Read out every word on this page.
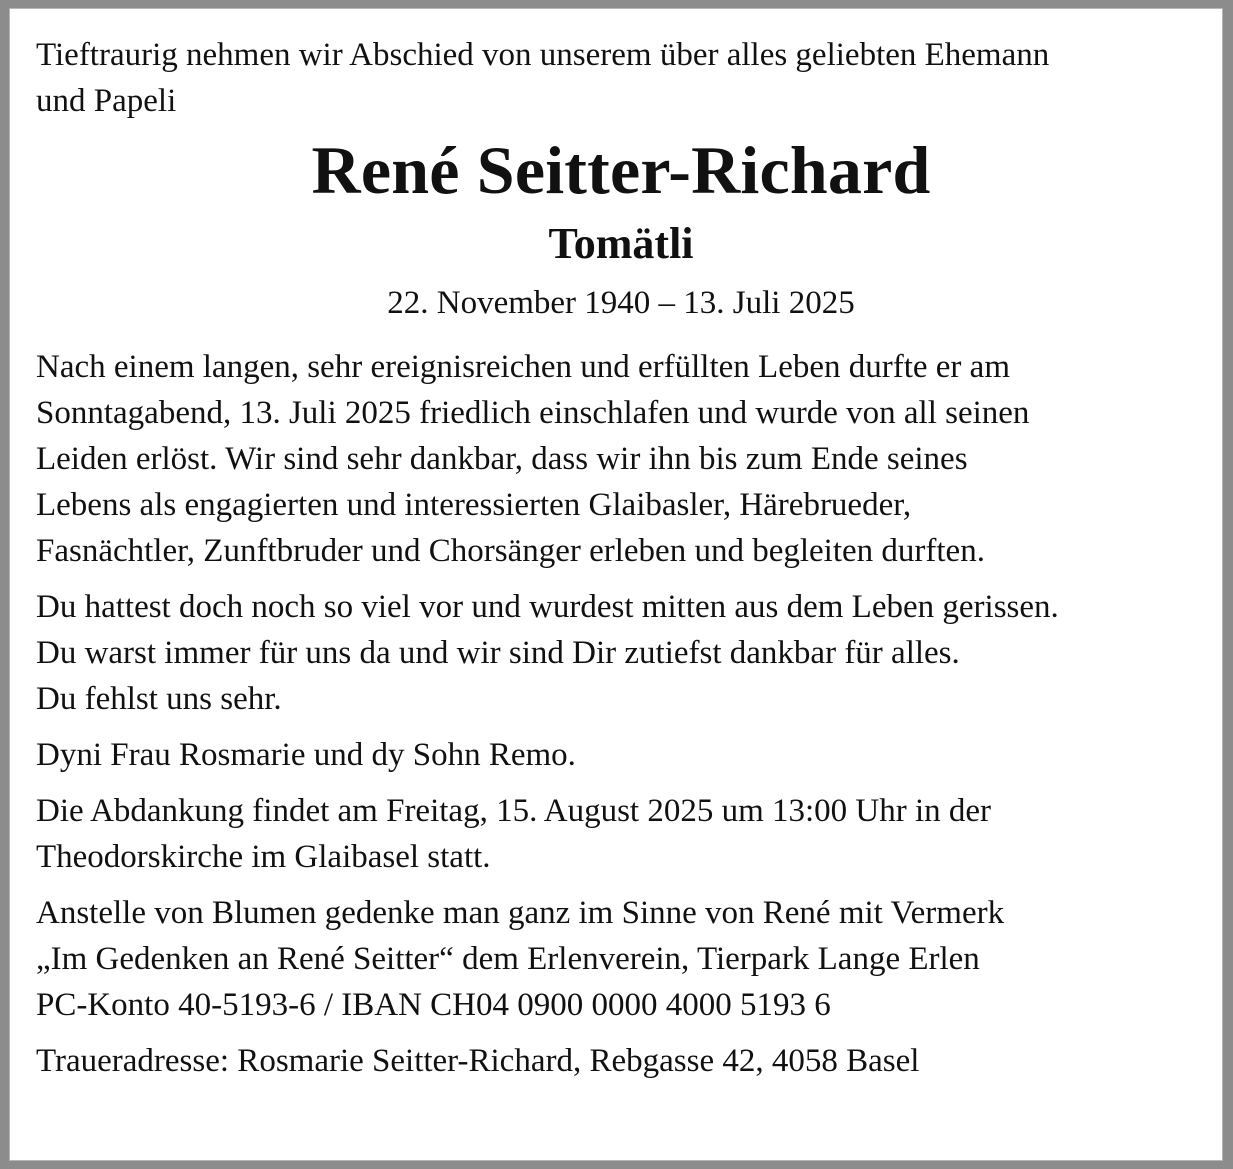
Tieftraurig nehmen wir Abschied von unserem über alles geliebten Ehemann
und Papeli

René Seitter-Richard
Tomätli
22. November 1940 – 13. Juli 2025

Nach einem langen, sehr ereignisreichen und erfüllten Leben durfte er am
Sonntagabend, 13. Juli 2025 friedlich einschlafen und wurde von all seinen
Leiden erlöst. Wir sind sehr dankbar, dass wir ihn bis zum Ende seines
Lebens als engagierten und interessierten Glaibasler, Härebrueder,
Fasnächtler, Zunftbruder und Chorsänger erleben und begleiten durften.

Du hattest doch noch so viel vor und wurdest mitten aus dem Leben gerissen.
Du warst immer für uns da und wir sind Dir zutiefst dankbar für alles.
Du fehlst uns sehr.

Dyni Frau Rosmarie und dy Sohn Remo.

Die Abdankung findet am Freitag, 15. August 2025 um 13:00 Uhr in der
Theodorskirche im Glaibasel statt.

Anstelle von Blumen gedenke man ganz im Sinne von René mit Vermerk
„Im Gedenken an René Seitter“ dem Erlenverein, Tierpark Lange Erlen
PC-Konto 40-5193-6 / IBAN CH04 0900 0000 4000 5193 6

Traueradresse: Rosmarie Seitter-Richard, Rebgasse 42, 4058 Basel
